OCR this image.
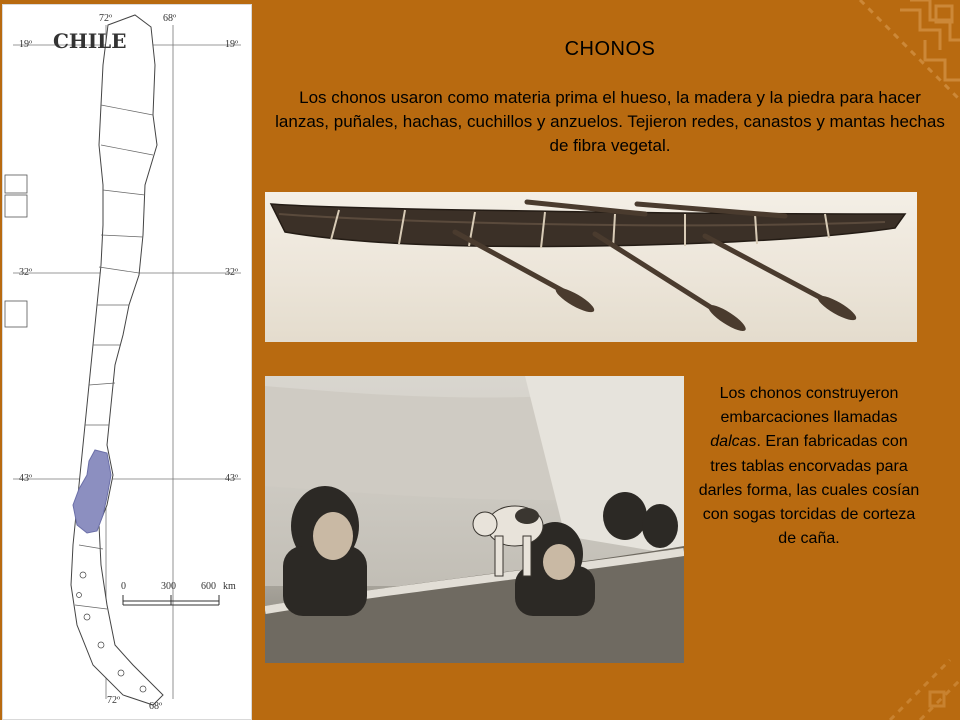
CHILE
72º	68º
19º	19º
32º	32º
43º	43º
0	300	600 km
72º
68º
CHONOS
Los chonos usaron como materia prima el hueso, la madera y la piedra para hacer lanzas, puñales, hachas, cuchillos y anzuelos. Tejieron redes, canastos y mantas hechas de fibra vegetal.
Los chonos construyeron embarcaciones llamadas dalcas. Eran fabricadas con tres tablas encorvadas para darles forma, las cuales cosían con sogas torcidas de corteza de caña.
